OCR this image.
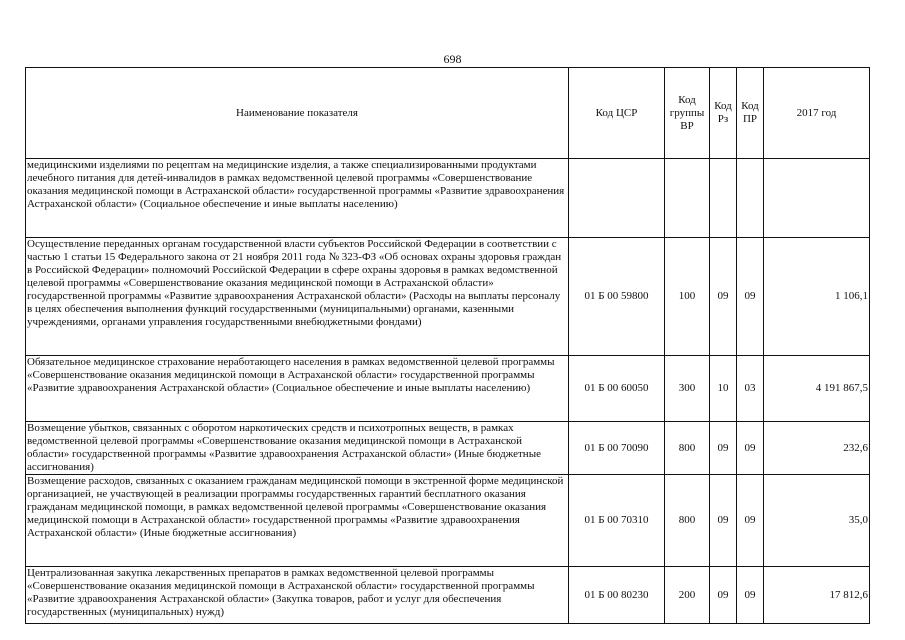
698
Наименование показателя	Код ЦСР	Код группы ВР	Код Рз	Код ПР	2017 год
медицинскими изделиями по рецептам на медицинские изделия, а также специализированными продуктами лечебного питания для детей-инвалидов в рамках ведомственной целевой программы «Совершенствование оказания медицинской помощи в Астраханской области» государственной программы «Развитие здравоохранения Астраханской области» (Социальное обеспечение и иные выплаты населению)					
Осуществление переданных органам государственной власти субъектов Российской Федерации в соответствии с частью 1 статьи 15 Федерального закона от 21 ноября 2011 года № 323-ФЗ «Об основах охраны здоровья граждан в Российской Федерации» полномочий Российской Федерации в сфере охраны здоровья в рамках ведомственной целевой программы «Совершенствование оказания медицинской помощи в Астраханской области» государственной программы «Развитие здравоохранения Астраханской области» (Расходы на выплаты персоналу в целях обеспечения выполнения функций государственными (муниципальными) органами, казенными учреждениями, органами управления государственными внебюджетными фондами)	01 Б 00 59800	100	09	09	1 106,1
Обязательное медицинское страхование неработающего населения в рамках ведомственной целевой программы «Совершенствование оказания медицинской помощи в Астраханской области» государственной программы «Развитие здравоохранения Астраханской области» (Социальное обеспечение и иные выплаты населению)	01 Б 00 60050	300	10	03	4 191 867,5
Возмещение убытков, связанных с оборотом наркотических средств и психотропных веществ, в рамках ведомственной целевой программы «Совершенствование оказания медицинской помощи в Астраханской области» государственной программы «Развитие здравоохранения Астраханской области» (Иные бюджетные ассигнования)	01 Б 00 70090	800	09	09	232,6
Возмещение расходов, связанных с оказанием гражданам медицинской помощи в экстренной форме медицинской организацией, не участвующей в реализации программы государственных гарантий бесплатного оказания гражданам медицинской помощи, в рамках ведомственной целевой программы «Совершенствование оказания медицинской помощи в Астраханской области» государственной программы «Развитие здравоохранения Астраханской области» (Иные бюджетные ассигнования)	01 Б 00 70310	800	09	09	35,0
Централизованная закупка лекарственных препаратов в рамках ведомственной целевой программы «Совершенствование оказания медицинской помощи в Астраханской области» государственной программы «Развитие здравоохранения Астраханской области» (Закупка товаров, работ и услуг для обеспечения государственных (муниципальных) нужд)	01 Б 00 80230	200	09	09	17 812,6
